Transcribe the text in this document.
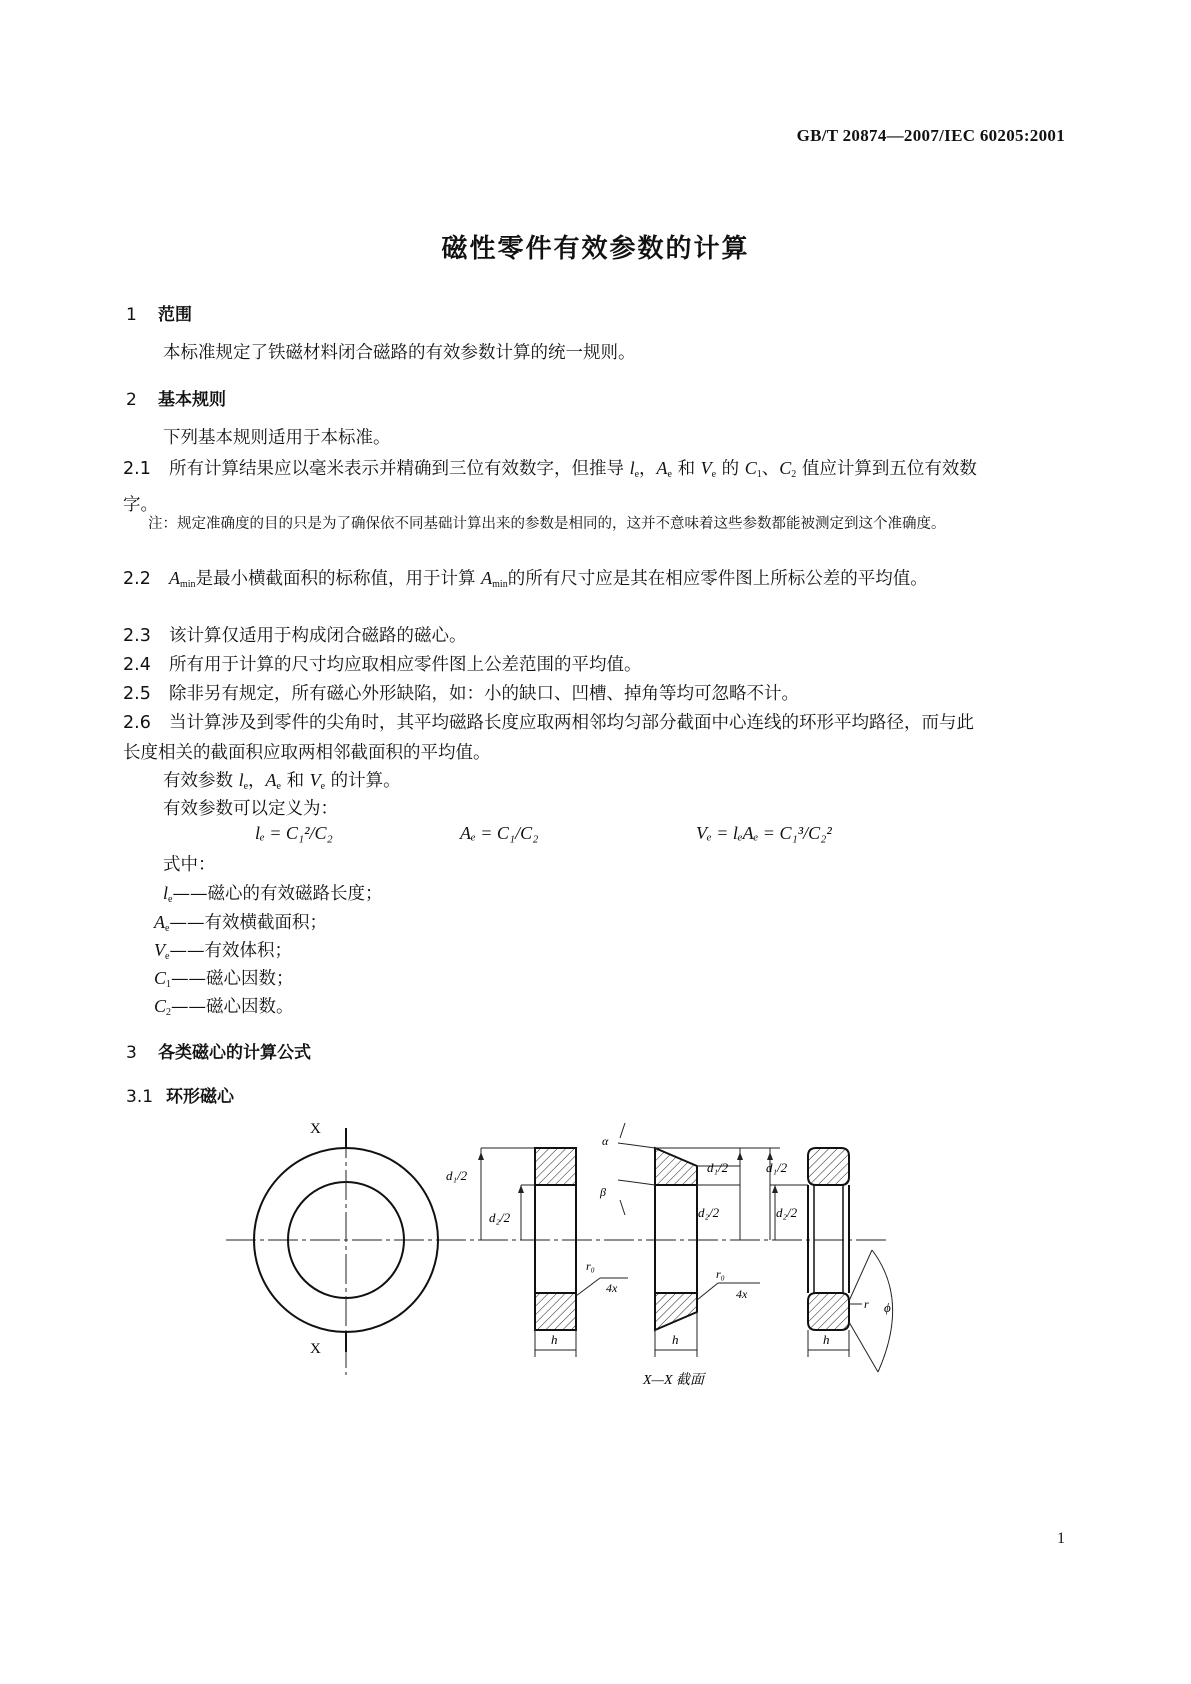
GB/T 20874—2007/IEC 60205:2001
磁性零件有效参数的计算
1 范围
本标准规定了铁磁材料闭合磁路的有效参数计算的统一规则。
2 基本规则
下列基本规则适用于本标准。
2.1 所有计算结果应以毫米表示并精确到三位有效数字，但推导 $l_e$，$A_e$ 和 $V_e$ 的 $C_1$、$C_2$ 值应计算到五位有效数字。
注：规定准确度的目的只是为了确保依不同基础计算出来的参数是相同的，这并不意味着这些参数都能被测定到这个准确度。
2.2 $A_{min}$是最小横截面积的标称值，用于计算 $A_{min}$的所有尺寸应是其在相应零件图上所标公差的平均值。
2.3 该计算仅适用于构成闭合磁路的磁心。
2.4 所有用于计算的尺寸均应取相应零件图上公差范围的平均值。
2.5 除非另有规定，所有磁心外形缺陷，如：小的缺口、凹槽、掉角等均可忽略不计。
2.6 当计算涉及到零件的尖角时，其平均磁路长度应取两相邻均匀部分截面中心连线的环形平均路径，而与此长度相关的截面积应取两相邻截面积的平均值。
有效参数 $l_e$，$A_e$ 和 $V_e$ 的计算。
有效参数可以定义为：
lₑ = C₁²/C₂	Aₑ = C₁/C₂	Vₑ = lₑAₑ = C₁³/C₂²
式中：
$l_e——$磁心的有效磁路长度；
$A_e——$有效横截面积；
$V_e——$有效体积；
$C_1——$磁心因数；
$C_2——$磁心因数。
3 各类磁心的计算公式
3.1 环形磁心
X
X
d₁/2
d₂/2
r₀
4x
h
α
β
d₁/2
d₂/2
r₀
4x
h
d₁/2
d₂/2
r ϕ
h
X—X 截面
1
